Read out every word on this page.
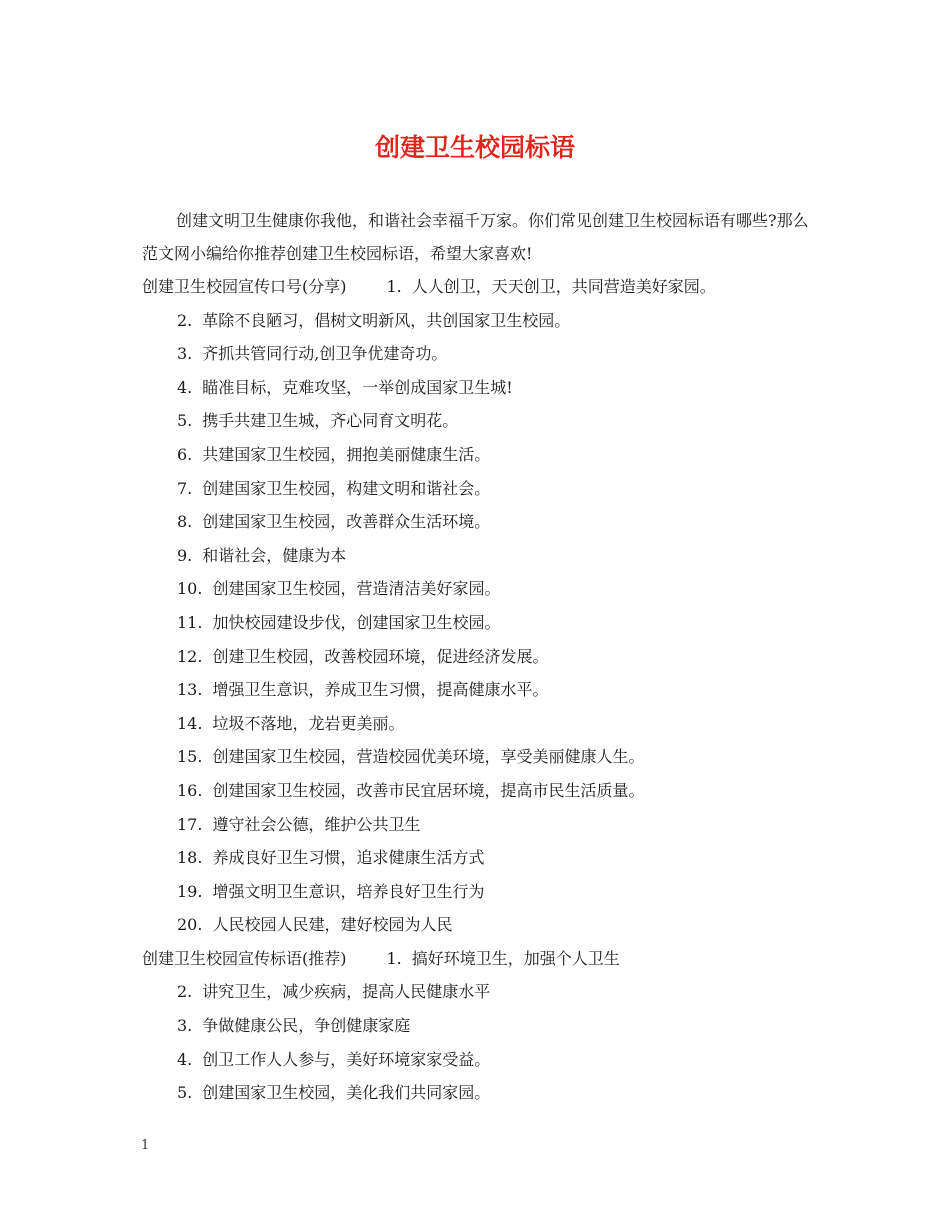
创建卫生校园标语

创建文明卫生健康你我他，和谐社会幸福千万家。你们常见创建卫生校园标语有哪些?那么范文网小编给你推荐创建卫生校园标语，希望大家喜欢!

创建卫生校园宣传口号(分享)	1. 人人创卫，天天创卫，共同营造美好家园。
2. 革除不良陋习，倡树文明新风，共创国家卫生校园。
3. 齐抓共管同行动,创卫争优建奇功。
4. 瞄准目标，克难攻坚，一举创成国家卫生城!
5. 携手共建卫生城，齐心同育文明花。
6. 共建国家卫生校园，拥抱美丽健康生活。
7. 创建国家卫生校园，构建文明和谐社会。
8. 创建国家卫生校园，改善群众生活环境。
9. 和谐社会，健康为本
10. 创建国家卫生校园，营造清洁美好家园。
11. 加快校园建设步伐，创建国家卫生校园。
12. 创建卫生校园，改善校园环境，促进经济发展。
13. 增强卫生意识，养成卫生习惯，提高健康水平。
14. 垃圾不落地，龙岩更美丽。
15. 创建国家卫生校园，营造校园优美环境，享受美丽健康人生。
16. 创建国家卫生校园，改善市民宜居环境，提高市民生活质量。
17. 遵守社会公德，维护公共卫生
18. 养成良好卫生习惯，追求健康生活方式
19. 增强文明卫生意识，培养良好卫生行为
20. 人民校园人民建，建好校园为人民
创建卫生校园宣传标语(推荐)	1. 搞好环境卫生，加强个人卫生
2. 讲究卫生，减少疾病，提高人民健康水平
3. 争做健康公民，争创健康家庭
4. 创卫工作人人参与，美好环境家家受益。
5. 创建国家卫生校园，美化我们共同家园。
1
